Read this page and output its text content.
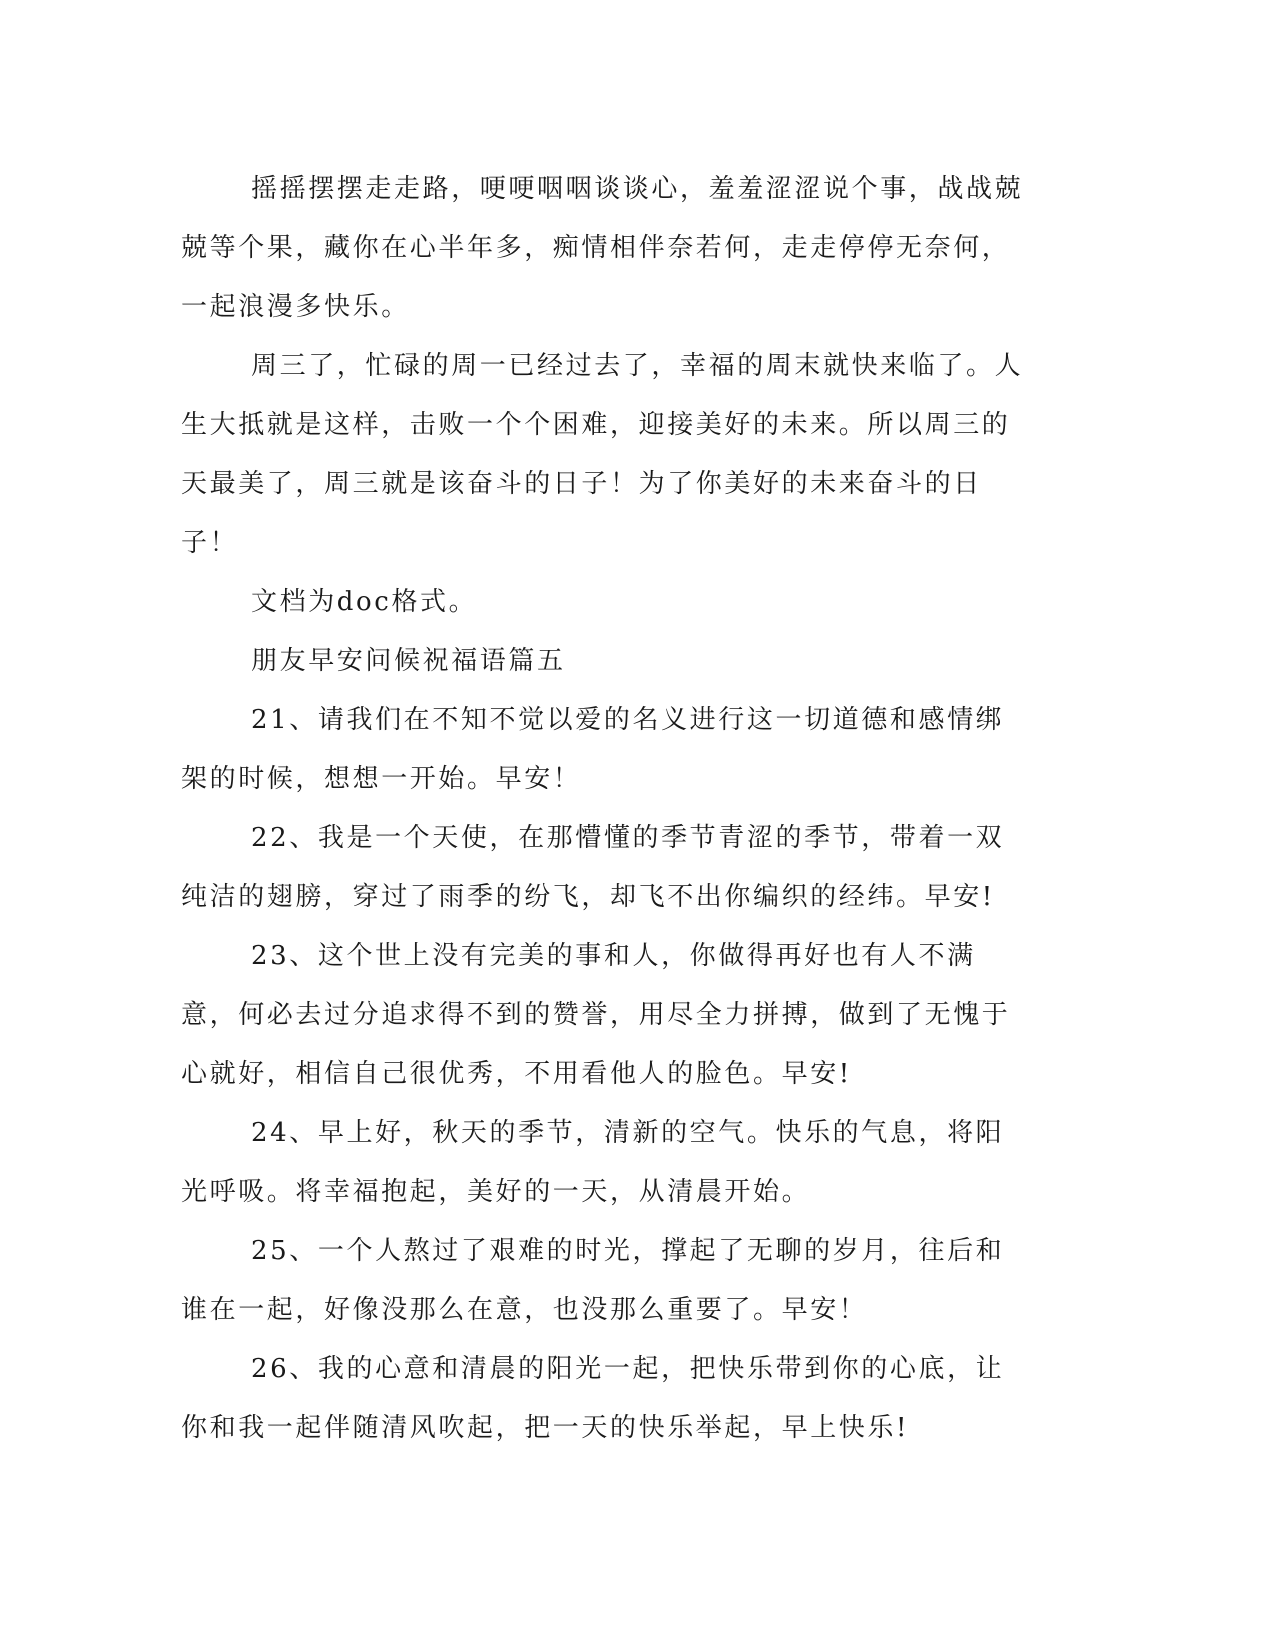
摇摇摆摆走走路，哽哽咽咽谈谈心，羞羞涩涩说个事，战战兢兢等个果，藏你在心半年多，痴情相伴奈若何，走走停停无奈何，一起浪漫多快乐。

周三了，忙碌的周一已经过去了，幸福的周末就快来临了。人生大抵就是这样，击败一个个困难，迎接美好的未来。所以周三的天最美了，周三就是该奋斗的日子！为了你美好的未来奋斗的日子！

文档为doc格式。

朋友早安问候祝福语篇五

21、请我们在不知不觉以爱的名义进行这一切道德和感情绑架的时候，想想一开始。早安！

22、我是一个天使，在那懵懂的季节青涩的季节，带着一双纯洁的翅膀，穿过了雨季的纷飞，却飞不出你编织的经纬。早安!

23、这个世上没有完美的事和人，你做得再好也有人不满意，何必去过分追求得不到的赞誉，用尽全力拼搏，做到了无愧于心就好，相信自己很优秀，不用看他人的脸色。早安!

24、早上好，秋天的季节，清新的空气。快乐的气息，将阳光呼吸。将幸福抱起，美好的一天，从清晨开始。

25、一个人熬过了艰难的时光，撑起了无聊的岁月，往后和谁在一起，好像没那么在意，也没那么重要了。早安！

26、我的心意和清晨的阳光一起，把快乐带到你的心底，让你和我一起伴随清风吹起，把一天的快乐举起，早上快乐!
